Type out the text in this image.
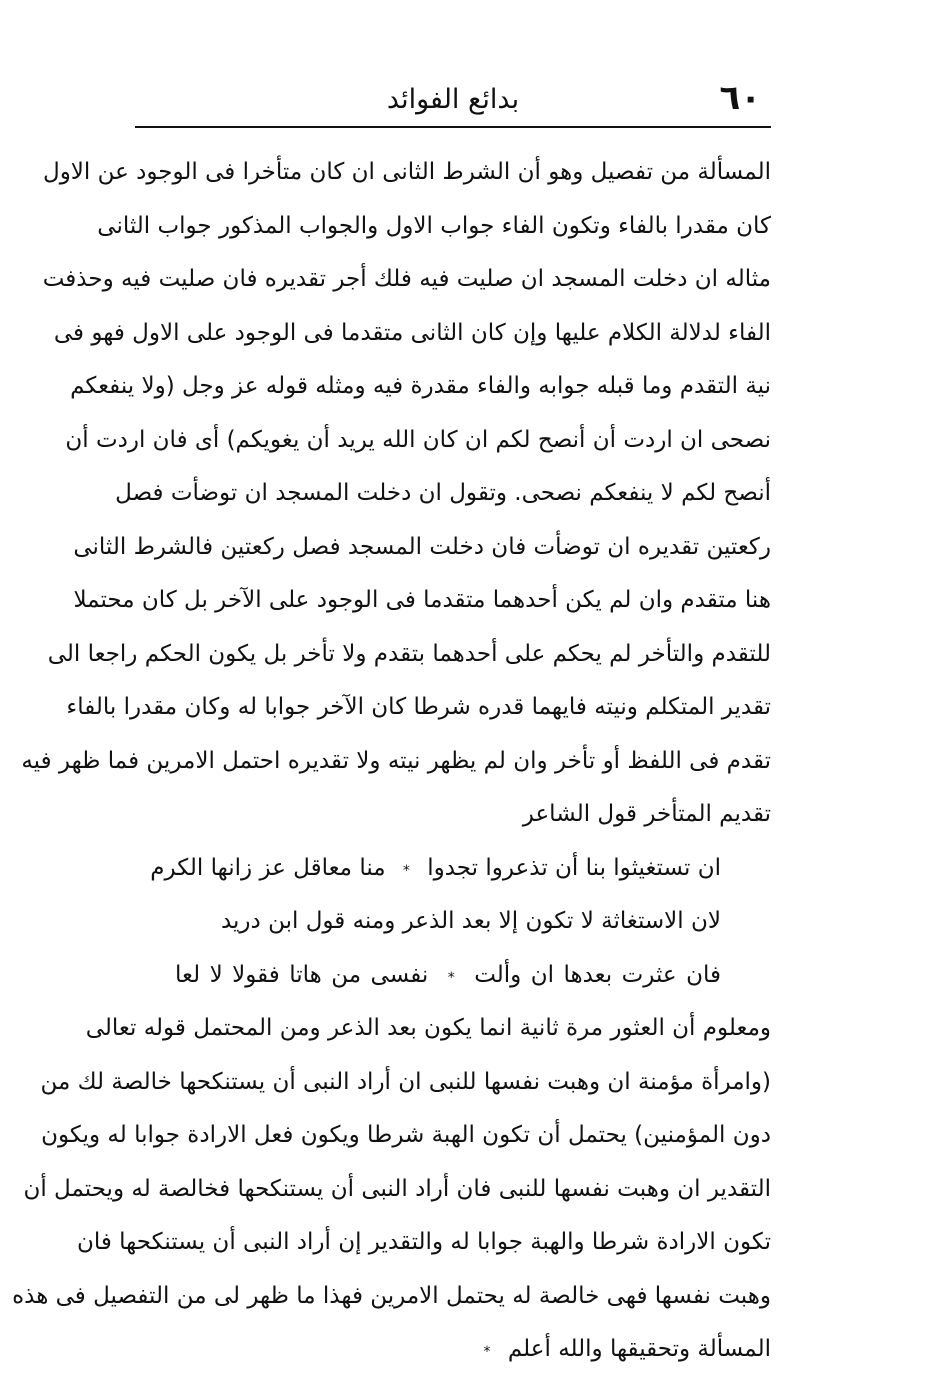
٦٠
بدائع الفوائد
المسألة من تفصيل وهو أن الشرط الثانى ان كان متأخرا فى الوجود عن الاول
كان مقدرا بالفاء وتكون الفاء جواب الاول والجواب المذكور جواب الثانى
مثاله ان دخلت المسجد ان صليت فيه فلك أجر تقديره فان صليت فيه وحذفت
الفاء لدلالة الكلام عليها وإن كان الثانى متقدما فى الوجود على الاول فهو فى
نية التقدم وما قبله جوابه والفاء مقدرة فيه ومثله قوله عز وجل (ولا ينفعكم
نصحى ان اردت أن أنصح لكم ان كان الله يريد أن يغويكم) أى فان اردت أن
أنصح لكم لا ينفعكم نصحى. وتقول ان دخلت المسجد ان توضأت فصل
ركعتين تقديره ان توضأت فان دخلت المسجد فصل ركعتين فالشرط الثانى
هنا متقدم وان لم يكن أحدهما متقدما فى الوجود على الآخر بل كان محتملا
للتقدم والتأخر لم يحكم على أحدهما بتقدم ولا تأخر بل يكون الحكم راجعا الى
تقدير المتكلم ونيته فايهما قدره شرطا كان الآخر جوابا له وكان مقدرا بالفاء
تقدم فى اللفظ أو تأخر وان لم يظهر نيته ولا تقديره احتمل الامرين فما ظهر فيه
تقديم المتأخر قول الشاعر
ان تستغيثوا بنا أن تذعروا تجدوا * منا معاقل عز زانها الكرم
لان الاستغاثة لا تكون إلا بعد الذعر ومنه قول ابن دريد
فان عثرت بعدها ان وألت * نفسى من هاتا فقولا لا لعا
ومعلوم أن العثور مرة ثانية انما يكون بعد الذعر ومن المحتمل قوله تعالى
(وامرأة مؤمنة ان وهبت نفسها للنبى ان أراد النبى أن يستنكحها خالصة لك من
دون المؤمنين) يحتمل أن تكون الهبة شرطا ويكون فعل الارادة جوابا له ويكون
التقدير ان وهبت نفسها للنبى فان أراد النبى أن يستنكحها فخالصة له ويحتمل أن
تكون الارادة شرطا والهبة جوابا له والتقدير إن أراد النبى أن يستنكحها فان
وهبت نفسها فهى خالصة له يحتمل الامرين فهذا ما ظهر لى من التفصيل فى هذه
المسألة وتحقيقها والله أعلم *
